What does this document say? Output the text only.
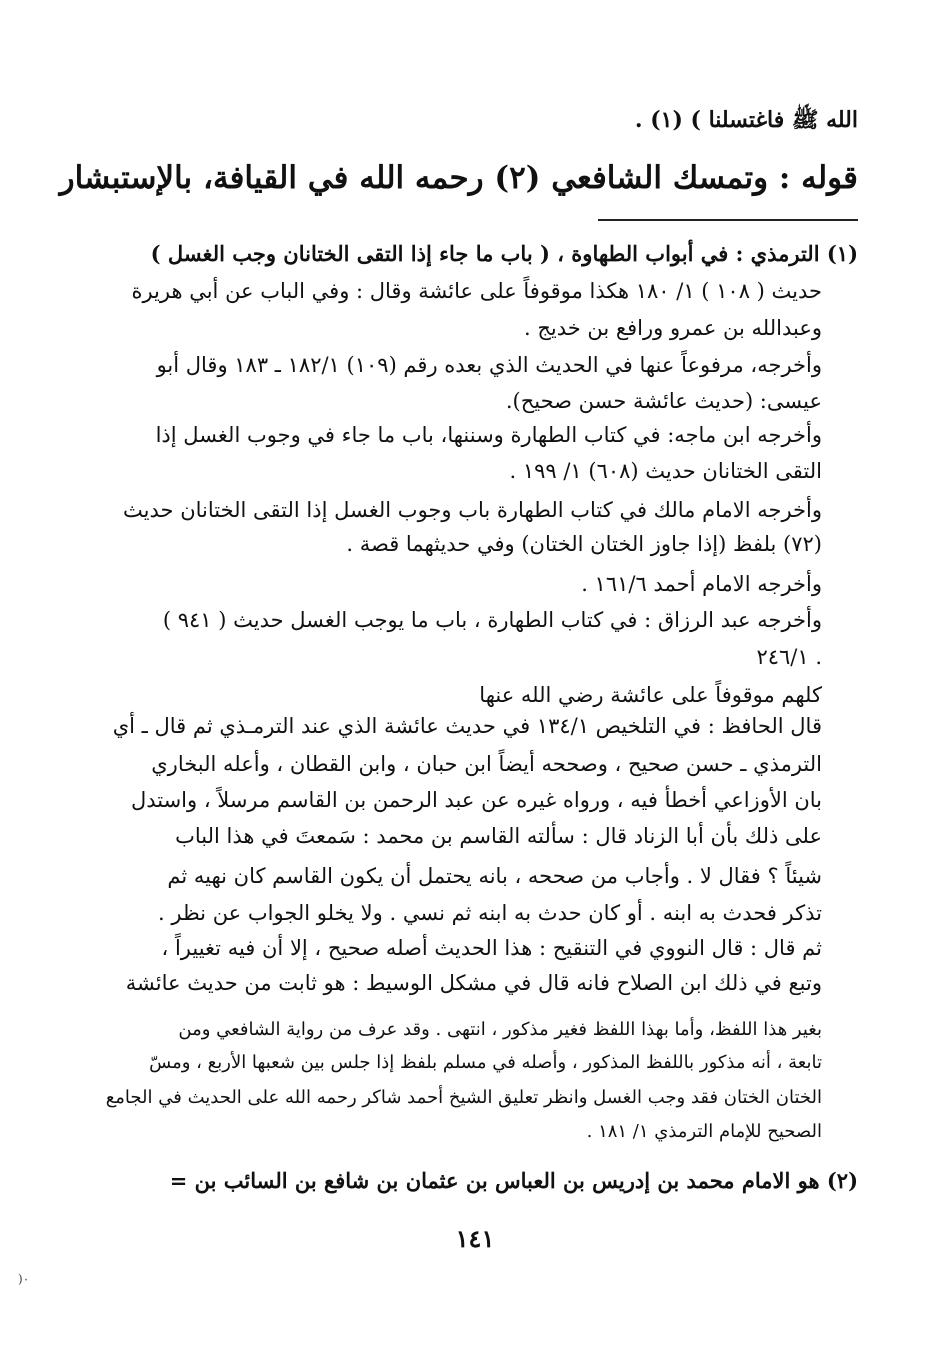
الله ﷺ فاغتسلنا ) (١) .
قوله : وتمسك الشافعي (٢) رحمه الله في القيافة، بالإستبشار
(١) الترمذي : في أبواب الطهاوة ، ( باب ما جاء إذا التقى الختانان وجب الغسل )
حديث ( ١٠٨ ) ١/ ١٨٠ هكذا موقوفاً على عائشة وقال : وفي الباب عن أبي هريرة
وعبدالله بن عمرو ورافع بن خديج .
وأخرجه، مرفوعاً عنها في الحديث الذي بعده رقم (١٠٩) ١٨٢/١ ـ ١٨٣ وقال أبو
عيسى: (حديث عائشة حسن صحيح).
وأخرجه ابن ماجه: في كتاب الطهارة وسننها، باب ما جاء في وجوب الغسل إذا
التقى الختانان حديث (٦٠٨) ١/ ١٩٩ .
وأخرجه الامام مالك في كتاب الطهارة باب وجوب الغسل إذا التقى الختانان حديث
(٧٢) بلفظ (إذا جاوز الختان الختان) وفي حديثهما قصة .
وأخرجه الامام أحمد ١٦١/٦ .
وأخرجه عبد الرزاق : في كتاب الطهارة ، باب ما يوجب الغسل حديث ( ٩٤١ )
٢٤٦/١ .
كلهم موقوفاً على عائشة رضي الله عنها
قال الحافظ : في التلخيص ١٣٤/١ في حديث عائشة الذي عند الترمـذي ثم قال ـ أي
الترمذي ـ حسن صحيح ، وصححه أيضاً ابن حبان ، وابن القطان ، وأعله البخاري
بان الأوزاعي أخطأ فيه ، ورواه غيره عن عبد الرحمن بن القاسم مرسلاً ، واستدل
على ذلك بأن أبا الزناد قال : سألته القاسم بن محمد : سَمعتَ في هذا الباب
شيئاً ؟ فقال لا . وأجاب من صححه ، بانه يحتمل أن يكون القاسم كان نهيه ثم
تذكر فحدث به ابنه . أو كان حدث به ابنه ثم نسي . ولا يخلو الجواب عن نظر .
ثم قال : قال النووي في التنقيح : هذا الحديث أصله صحيح ، إلا أن فيه تغييراً ،
وتبع في ذلك ابن الصلاح فانه قال في مشكل الوسيط : هو ثابت من حديث عائشة
بغير هذا اللفظ، وأما بهذا اللفظ فغير مذكور ، انتهى . وقد عرف من رواية الشافعي ومن
تابعة ، أنه مذكور باللفظ المذكور ، وأصله في مسلم بلفظ إذا جلس بين شعبها الأربع ، ومسّ
الختان الختان فقد وجب الغسل وانظر تعليق الشيخ أحمد شاكر رحمه الله على الحديث في الجامع
الصحيح للإمام الترمذي ١/ ١٨١ .
(٢) هو الامام محمد بن إدريس بن العباس بن عثمان بن شافع بن السائب بن =
١٤١
٠(
